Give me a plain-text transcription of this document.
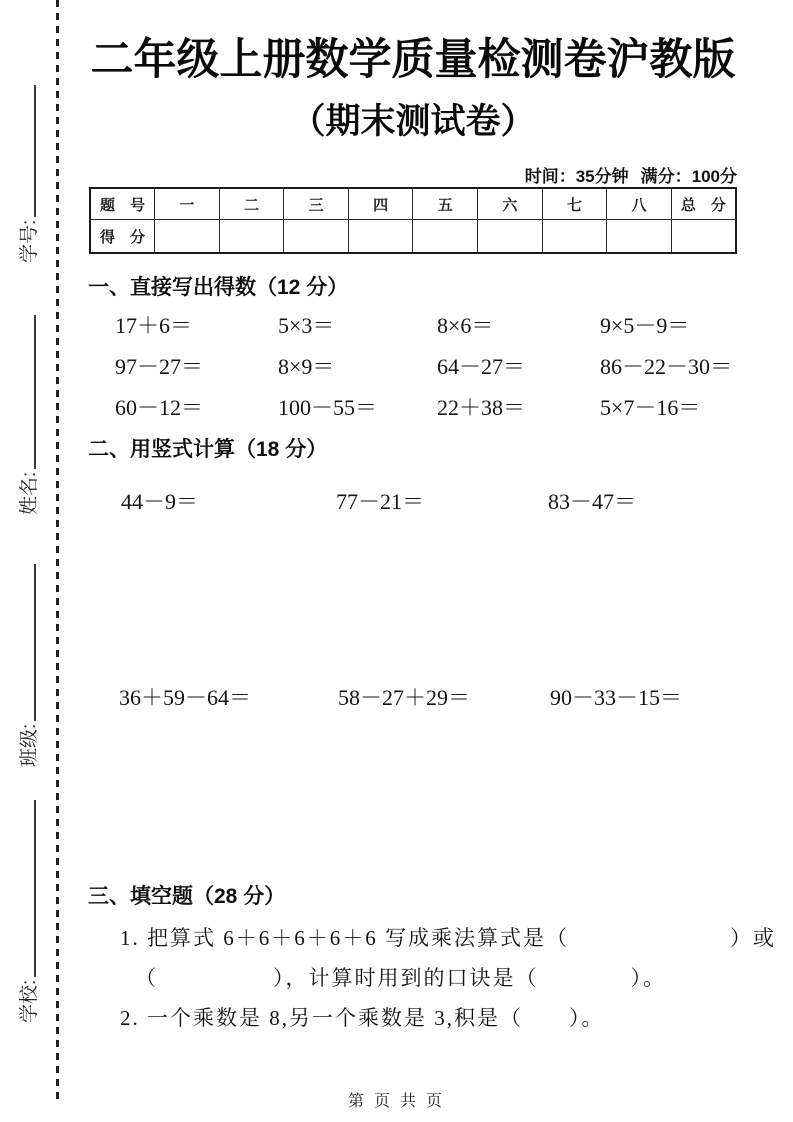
学号:
姓名:
班级:
学校:
二年级上册数学质量检测卷沪教版
（期末测试卷）
时间：35分钟 满分：100分
题　号	一	二	三	四	五	六	七	八	总　分
得　分									
一、直接写出得数（12 分）
17＋6＝	5×3＝	8×6＝	9×5－9＝
97－27＝	8×9＝	64－27＝	86－22－30＝
60－12＝	100－55＝	22＋38＝	5×7－16＝
二、用竖式计算（18 分）
44－9＝	77－21＝	83－47＝
36＋59－64＝	58－27＋29＝	90－33－15＝
三、填空题（28 分）
1. 把算式 6＋6＋6＋6＋6 写成乘法算式是（　　　　　　　）或
（　　　　　），计算时用到的口诀是（　　　　）。
2. 一个乘数是 8,另一个乘数是 3,积是（　　）。
第 页 共 页
